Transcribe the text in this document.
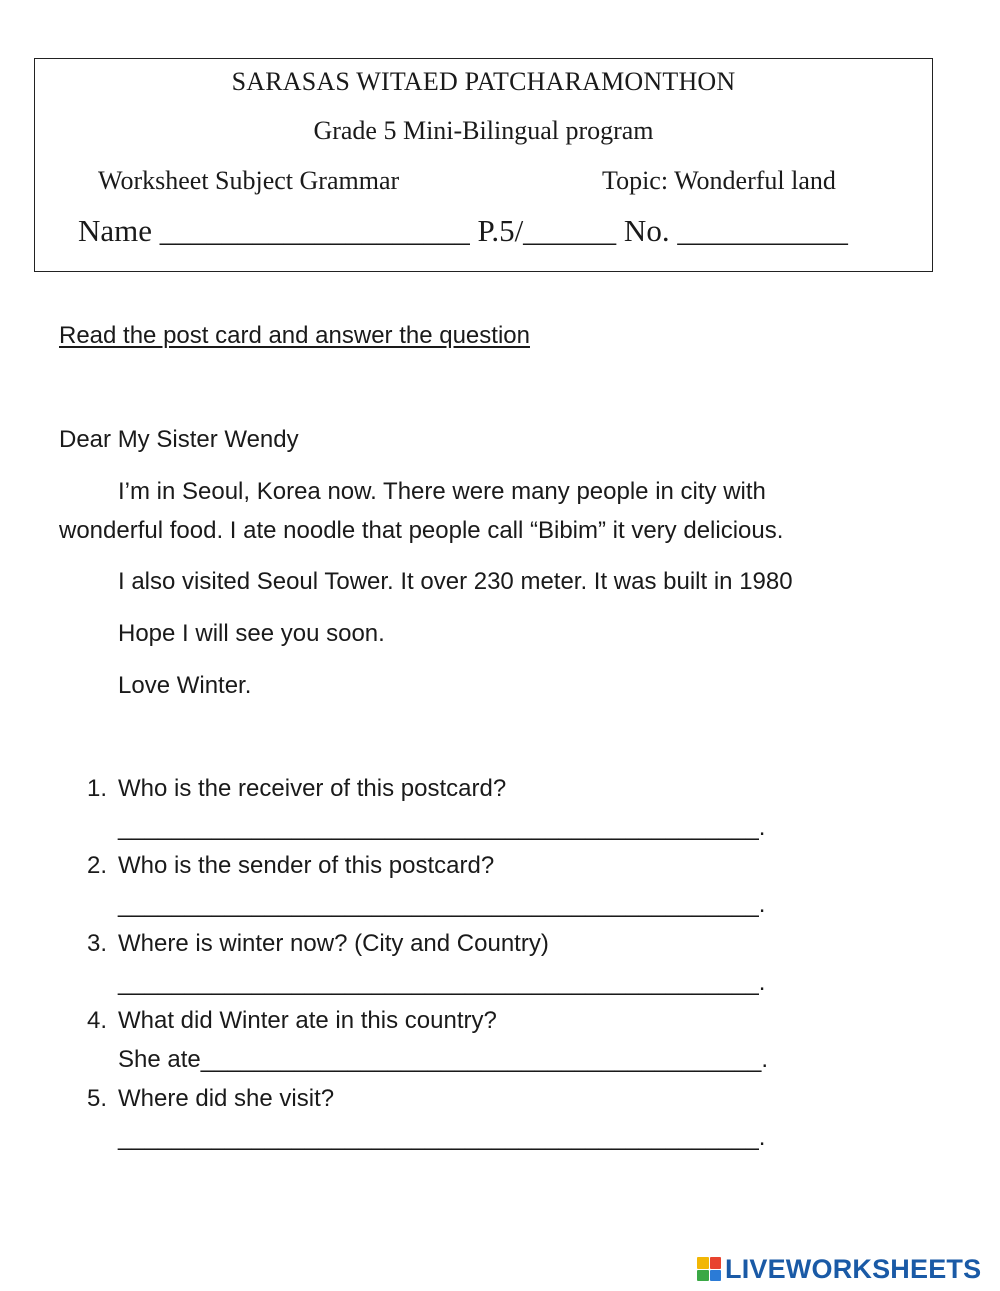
SARASAS WITAED PATCHARAMONTHON
Grade 5 Mini-Bilingual program
Worksheet Subject Grammar	Topic: Wonderful land
Name ____________________ P.5/______ No. ___________
Read the post card and answer the question
Dear My Sister Wendy
I’m in Seoul, Korea now. There were many people in city with
wonderful food. I ate noodle that people call “Bibim” it very delicious.
I also visited Seoul Tower. It over 230 meter. It was built in 1980
Hope I will see you soon.
Love Winter.
1. Who is the receiver of this postcard?
________________________________________________.
2. Who is the sender of this postcard?
________________________________________________.
3. Where is winter now? (City and Country)
________________________________________________.
4. What did Winter ate in this country?
She ate__________________________________________.
5. Where did she visit?
________________________________________________.
LIVEWORKSHEETS
